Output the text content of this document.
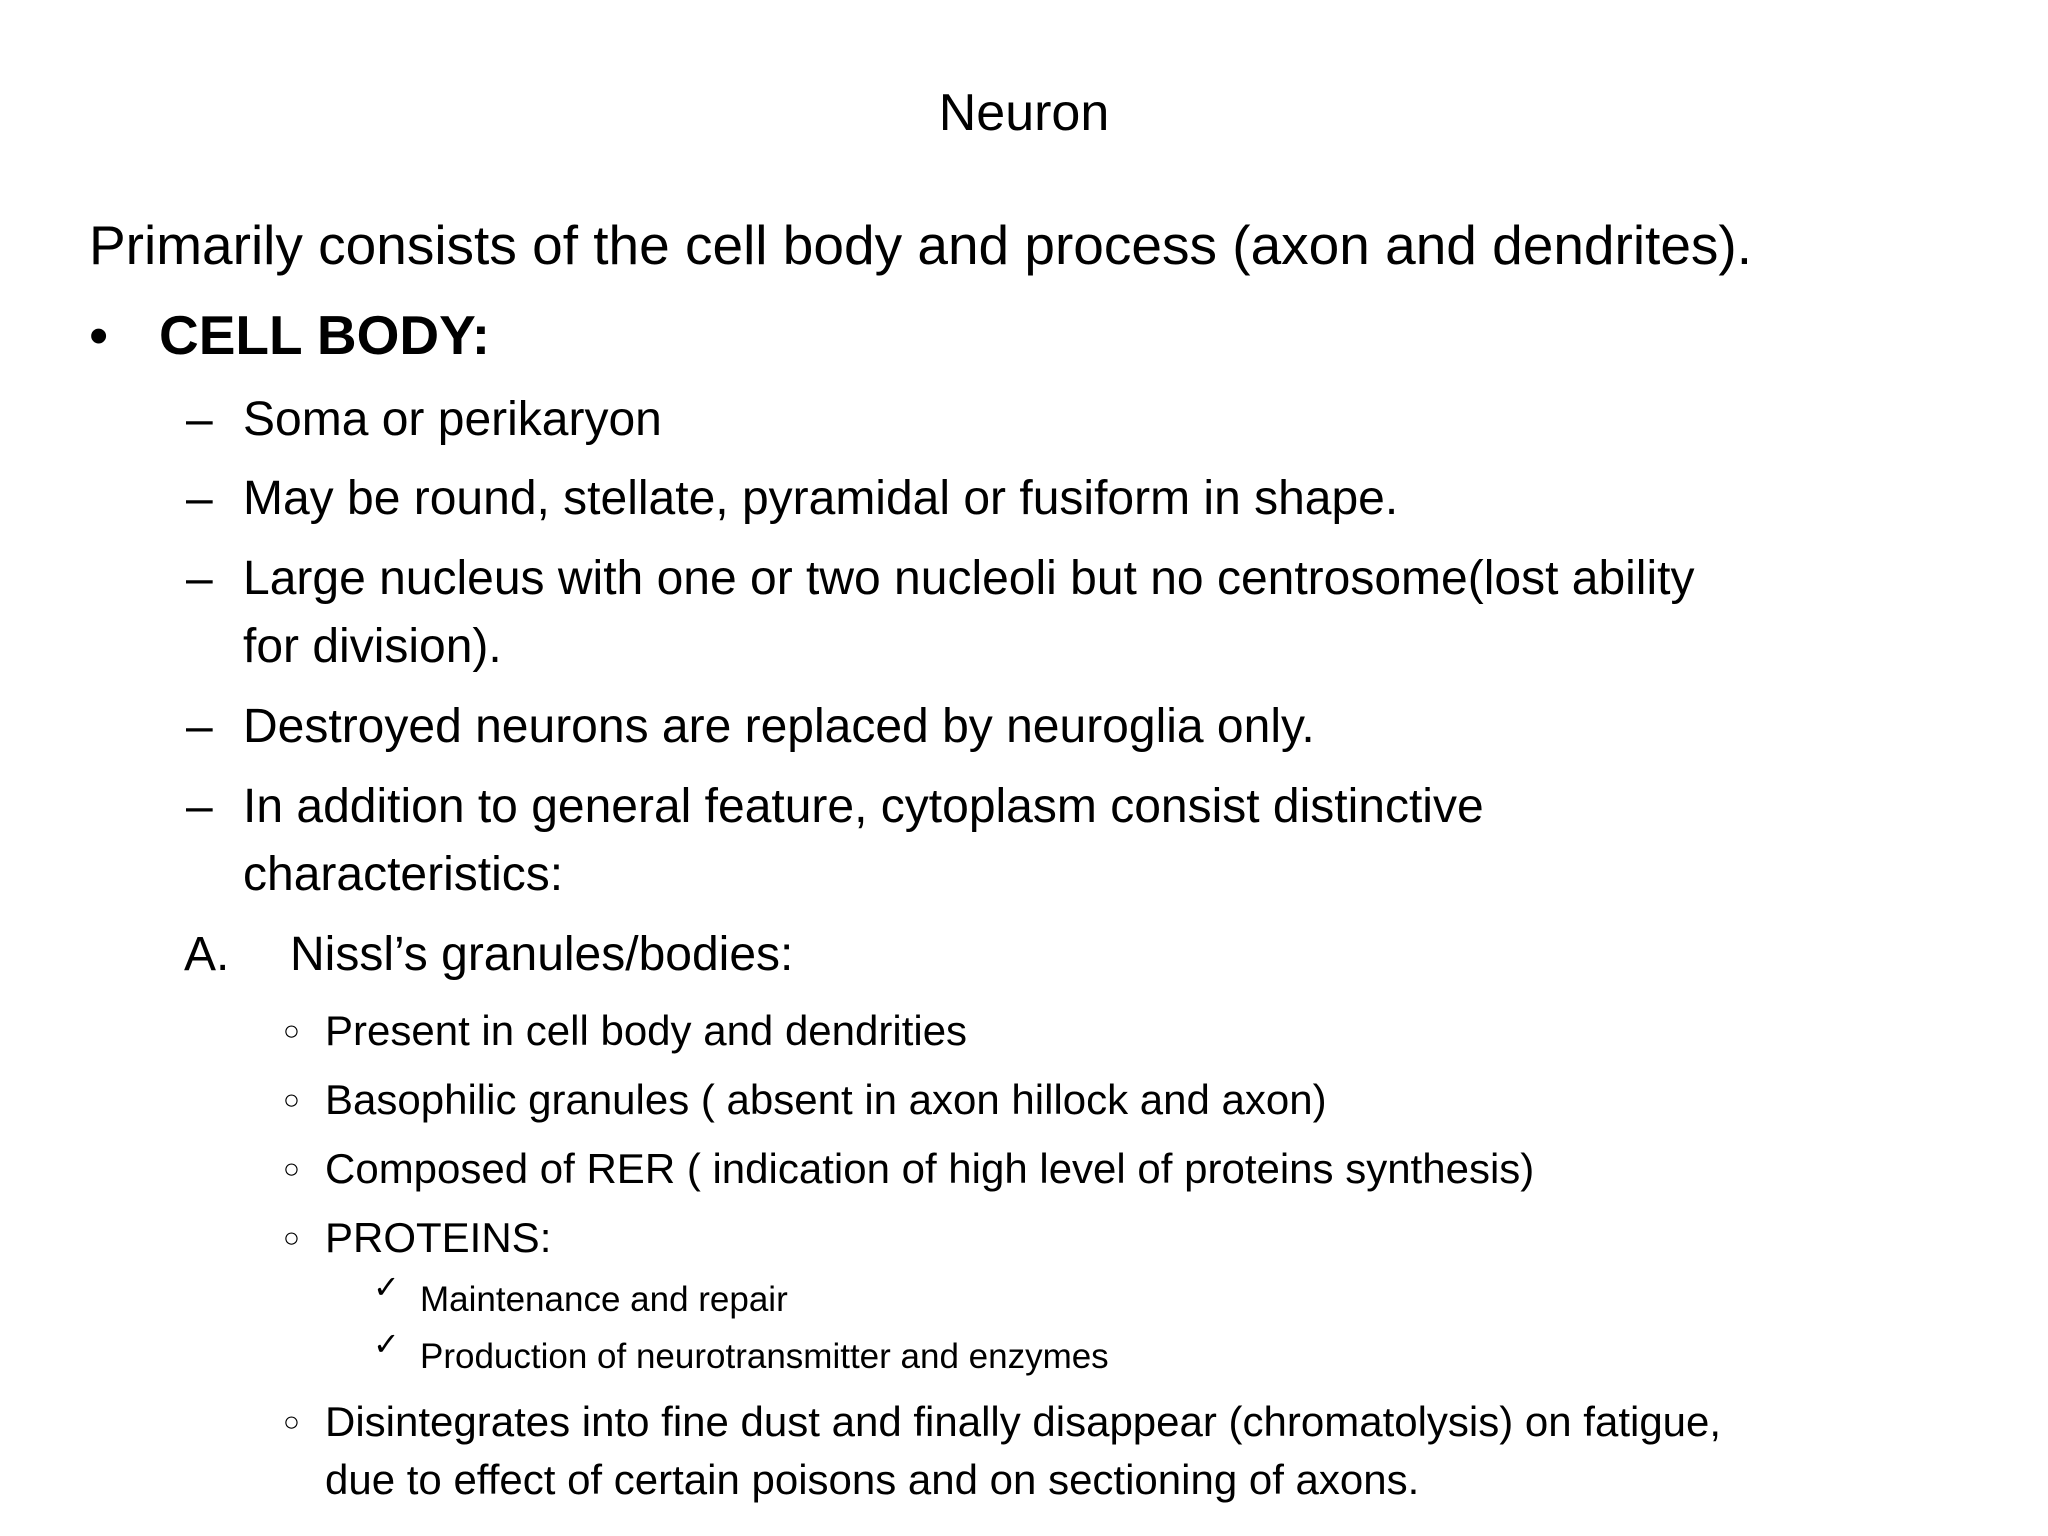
Neuron
Primarily consists of the cell body and process (axon and dendrites).
• CELL BODY:
– Soma or perikaryon
– May be round, stellate, pyramidal or fusiform in shape.
– Large nucleus with one or two nucleoli but no centrosome(lost ability
for division).
– Destroyed neurons are replaced by neuroglia only.
– In addition to general feature, cytoplasm consist distinctive
characteristics:
A. Nissl’s granules/bodies:
○ Present in cell body and dendrities
○ Basophilic granules ( absent in axon hillock and axon)
○ Composed of RER ( indication of high level of proteins synthesis)
○ PROTEINS:
✓ Maintenance and repair
✓ Production of neurotransmitter and enzymes
○ Disintegrates into fine dust and finally disappear (chromatolysis) on fatigue,
due to effect of certain poisons and on sectioning of axons.
